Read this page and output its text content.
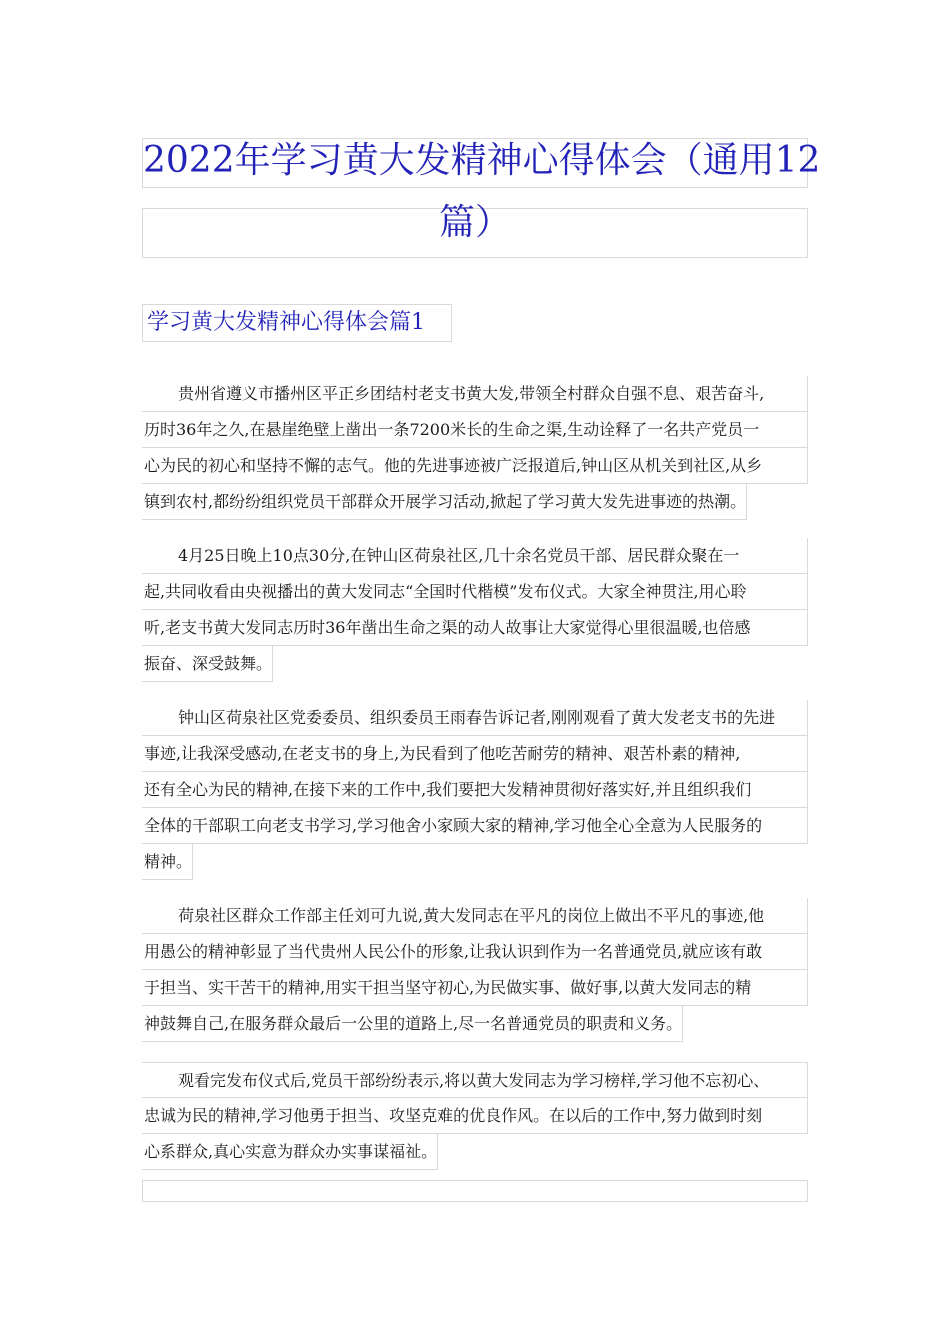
2022年学习黄大发精神心得体会（通用12
篇）
学习黄大发精神心得体会篇1
贵州省遵义市播州区平正乡团结村老支书黄大发,带领全村群众自强不息、艰苦奋斗,
历时36年之久,在悬崖绝壁上凿出一条7200米长的生命之渠,生动诠释了一名共产党员一
心为民的初心和坚持不懈的志气。他的先进事迹被广泛报道后,钟山区从机关到社区,从乡
镇到农村,都纷纷组织党员干部群众开展学习活动,掀起了学习黄大发先进事迹的热潮。
4月25日晚上10点30分,在钟山区荷泉社区,几十余名党员干部、居民群众聚在一
起,共同收看由央视播出的黄大发同志“全国时代楷模”发布仪式。大家全神贯注,用心聆
听,老支书黄大发同志历时36年凿出生命之渠的动人故事让大家觉得心里很温暖,也倍感
振奋、深受鼓舞。
钟山区荷泉社区党委委员、组织委员王雨春告诉记者,刚刚观看了黄大发老支书的先进
事迹,让我深受感动,在老支书的身上,为民看到了他吃苦耐劳的精神、艰苦朴素的精神,
还有全心为民的精神,在接下来的工作中,我们要把大发精神贯彻好落实好,并且组织我们
全体的干部职工向老支书学习,学习他舍小家顾大家的精神,学习他全心全意为人民服务的
精神。
荷泉社区群众工作部主任刘可九说,黄大发同志在平凡的岗位上做出不平凡的事迹,他
用愚公的精神彰显了当代贵州人民公仆的形象,让我认识到作为一名普通党员,就应该有敢
于担当、实干苦干的精神,用实干担当坚守初心,为民做实事、做好事,以黄大发同志的精
神鼓舞自己,在服务群众最后一公里的道路上,尽一名普通党员的职责和义务。
观看完发布仪式后,党员干部纷纷表示,将以黄大发同志为学习榜样,学习他不忘初心、
忠诚为民的精神,学习他勇于担当、攻坚克难的优良作风。在以后的工作中,努力做到时刻
心系群众,真心实意为群众办实事谋福祉。
